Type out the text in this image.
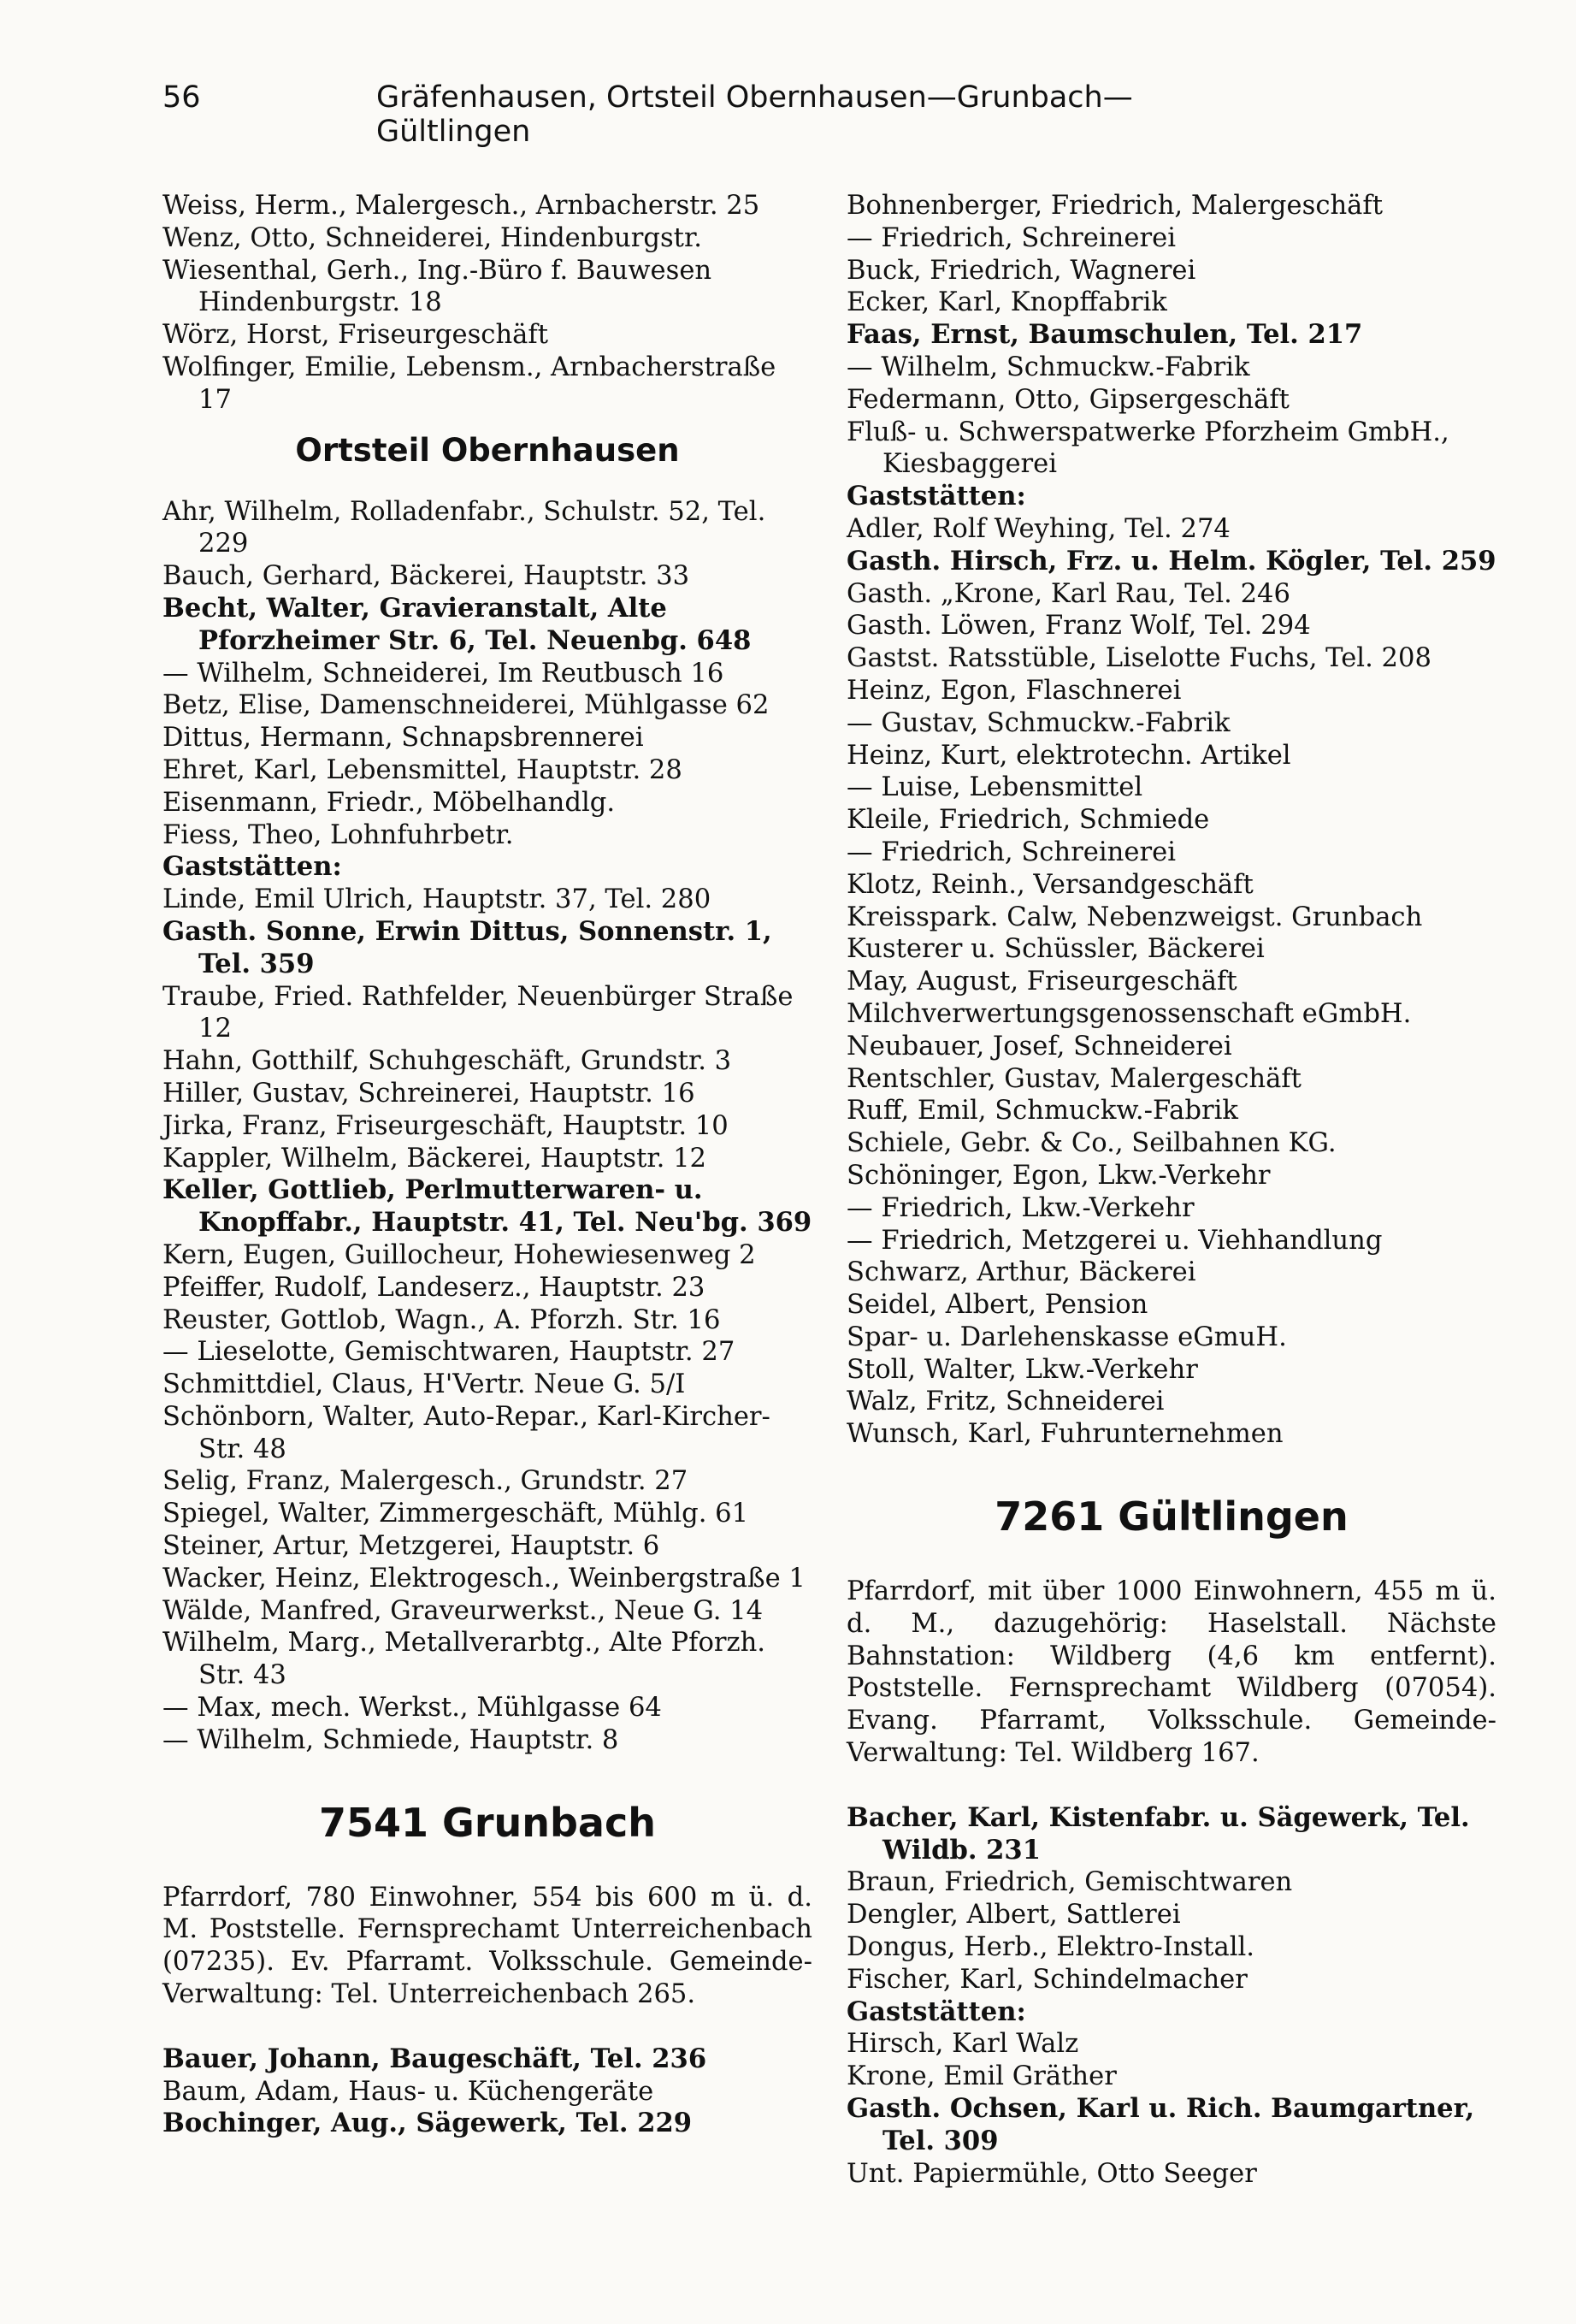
56	Gräfenhausen, Ortsteil Obernhausen—Grunbach—Gültlingen
Weiss, Herm., Malergesch., Arnbacherstr. 25
Wenz, Otto, Schneiderei, Hindenburgstr.
Wiesenthal, Gerh., Ing.-Büro f. Bauwesen Hindenburgstr. 18
Wörz, Horst, Friseurgeschäft
Wolfinger, Emilie, Lebensm., Arnbacherstraße 17
Ortsteil Obernhausen
Ahr, Wilhelm, Rolladenfabr., Schulstr. 52, Tel. 229
Bauch, Gerhard, Bäckerei, Hauptstr. 33
Becht, Walter, Gravieranstalt, Alte Pforzheimer Str. 6, Tel. Neuenbg. 648
— Wilhelm, Schneiderei, Im Reutbusch 16
Betz, Elise, Damenschneiderei, Mühlgasse 62
Dittus, Hermann, Schnapsbrennerei
Ehret, Karl, Lebensmittel, Hauptstr. 28
Eisenmann, Friedr., Möbelhandlg.
Fiess, Theo, Lohnfuhrbetr.
Gaststätten:
Linde, Emil Ulrich, Hauptstr. 37, Tel. 280
Gasth. Sonne, Erwin Dittus, Sonnenstr. 1, Tel. 359
Traube, Fried. Rathfelder, Neuenbürger Straße 12
Hahn, Gotthilf, Schuhgeschäft, Grundstr. 3
Hiller, Gustav, Schreinerei, Hauptstr. 16
Jirka, Franz, Friseurgeschäft, Hauptstr. 10
Kappler, Wilhelm, Bäckerei, Hauptstr. 12
Keller, Gottlieb, Perlmutterwaren- u. Knopffabr., Hauptstr. 41, Tel. Neu'bg. 369
Kern, Eugen, Guillocheur, Hohewiesenweg 2
Pfeiffer, Rudolf, Landeserz., Hauptstr. 23
Reuster, Gottlob, Wagn., A. Pforzh. Str. 16
— Lieselotte, Gemischtwaren, Hauptstr. 27
Schmittdiel, Claus, H'Vertr. Neue G. 5/I
Schönborn, Walter, Auto-Repar., Karl-Kircher-Str. 48
Selig, Franz, Malergesch., Grundstr. 27
Spiegel, Walter, Zimmergeschäft, Mühlg. 61
Steiner, Artur, Metzgerei, Hauptstr. 6
Wacker, Heinz, Elektrogesch., Weinbergstraße 1
Wälde, Manfred, Graveurwerkst., Neue G. 14
Wilhelm, Marg., Metallverarbtg., Alte Pforzh. Str. 43
— Max, mech. Werkst., Mühlgasse 64
— Wilhelm, Schmiede, Hauptstr. 8
7541 Grunbach
Pfarrdorf, 780 Einwohner, 554 bis 600 m ü. d. M. Poststelle. Fernsprechamt Unterreichenbach (07235). Ev. Pfarramt. Volksschule. Gemeinde-Verwaltung: Tel. Unterreichenbach 265.
Bauer, Johann, Baugeschäft, Tel. 236
Baum, Adam, Haus- u. Küchengeräte
Bochinger, Aug., Sägewerk, Tel. 229
Bohnenberger, Friedrich, Malergeschäft
— Friedrich, Schreinerei
Buck, Friedrich, Wagnerei
Ecker, Karl, Knopffabrik
Faas, Ernst, Baumschulen, Tel. 217
— Wilhelm, Schmuckw.-Fabrik
Federmann, Otto, Gipsergeschäft
Fluß- u. Schwerspatwerke Pforzheim GmbH., Kiesbaggerei
Gaststätten:
Adler, Rolf Weyhing, Tel. 274
Gasth. Hirsch, Frz. u. Helm. Kögler, Tel. 259
Gasth. „Krone, Karl Rau, Tel. 246
Gasth. Löwen, Franz Wolf, Tel. 294
Gastst. Ratsstüble, Liselotte Fuchs, Tel. 208
Heinz, Egon, Flaschnerei
— Gustav, Schmuckw.-Fabrik
Heinz, Kurt, elektrotechn. Artikel
— Luise, Lebensmittel
Kleile, Friedrich, Schmiede
— Friedrich, Schreinerei
Klotz, Reinh., Versandgeschäft
Kreisspark. Calw, Nebenzweigst. Grunbach
Kusterer u. Schüssler, Bäckerei
May, August, Friseurgeschäft
Milchverwertungsgenossenschaft eGmbH.
Neubauer, Josef, Schneiderei
Rentschler, Gustav, Malergeschäft
Ruff, Emil, Schmuckw.-Fabrik
Schiele, Gebr. & Co., Seilbahnen KG.
Schöninger, Egon, Lkw.-Verkehr
— Friedrich, Lkw.-Verkehr
— Friedrich, Metzgerei u. Viehhandlung
Schwarz, Arthur, Bäckerei
Seidel, Albert, Pension
Spar- u. Darlehenskasse eGmuH.
Stoll, Walter, Lkw.-Verkehr
Walz, Fritz, Schneiderei
Wunsch, Karl, Fuhrunternehmen
7261 Gültlingen
Pfarrdorf, mit über 1000 Einwohnern, 455 m ü. d. M., dazugehörig: Haselstall. Nächste Bahnstation: Wildberg (4,6 km entfernt). Poststelle. Fernsprechamt Wildberg (07054). Evang. Pfarramt, Volksschule. Gemeinde-Verwaltung: Tel. Wildberg 167.
Bacher, Karl, Kistenfabr. u. Sägewerk, Tel. Wildb. 231
Braun, Friedrich, Gemischtwaren
Dengler, Albert, Sattlerei
Dongus, Herb., Elektro-Install.
Fischer, Karl, Schindelmacher
Gaststätten:
Hirsch, Karl Walz
Krone, Emil Gräther
Gasth. Ochsen, Karl u. Rich. Baumgartner, Tel. 309
Unt. Papiermühle, Otto Seeger
